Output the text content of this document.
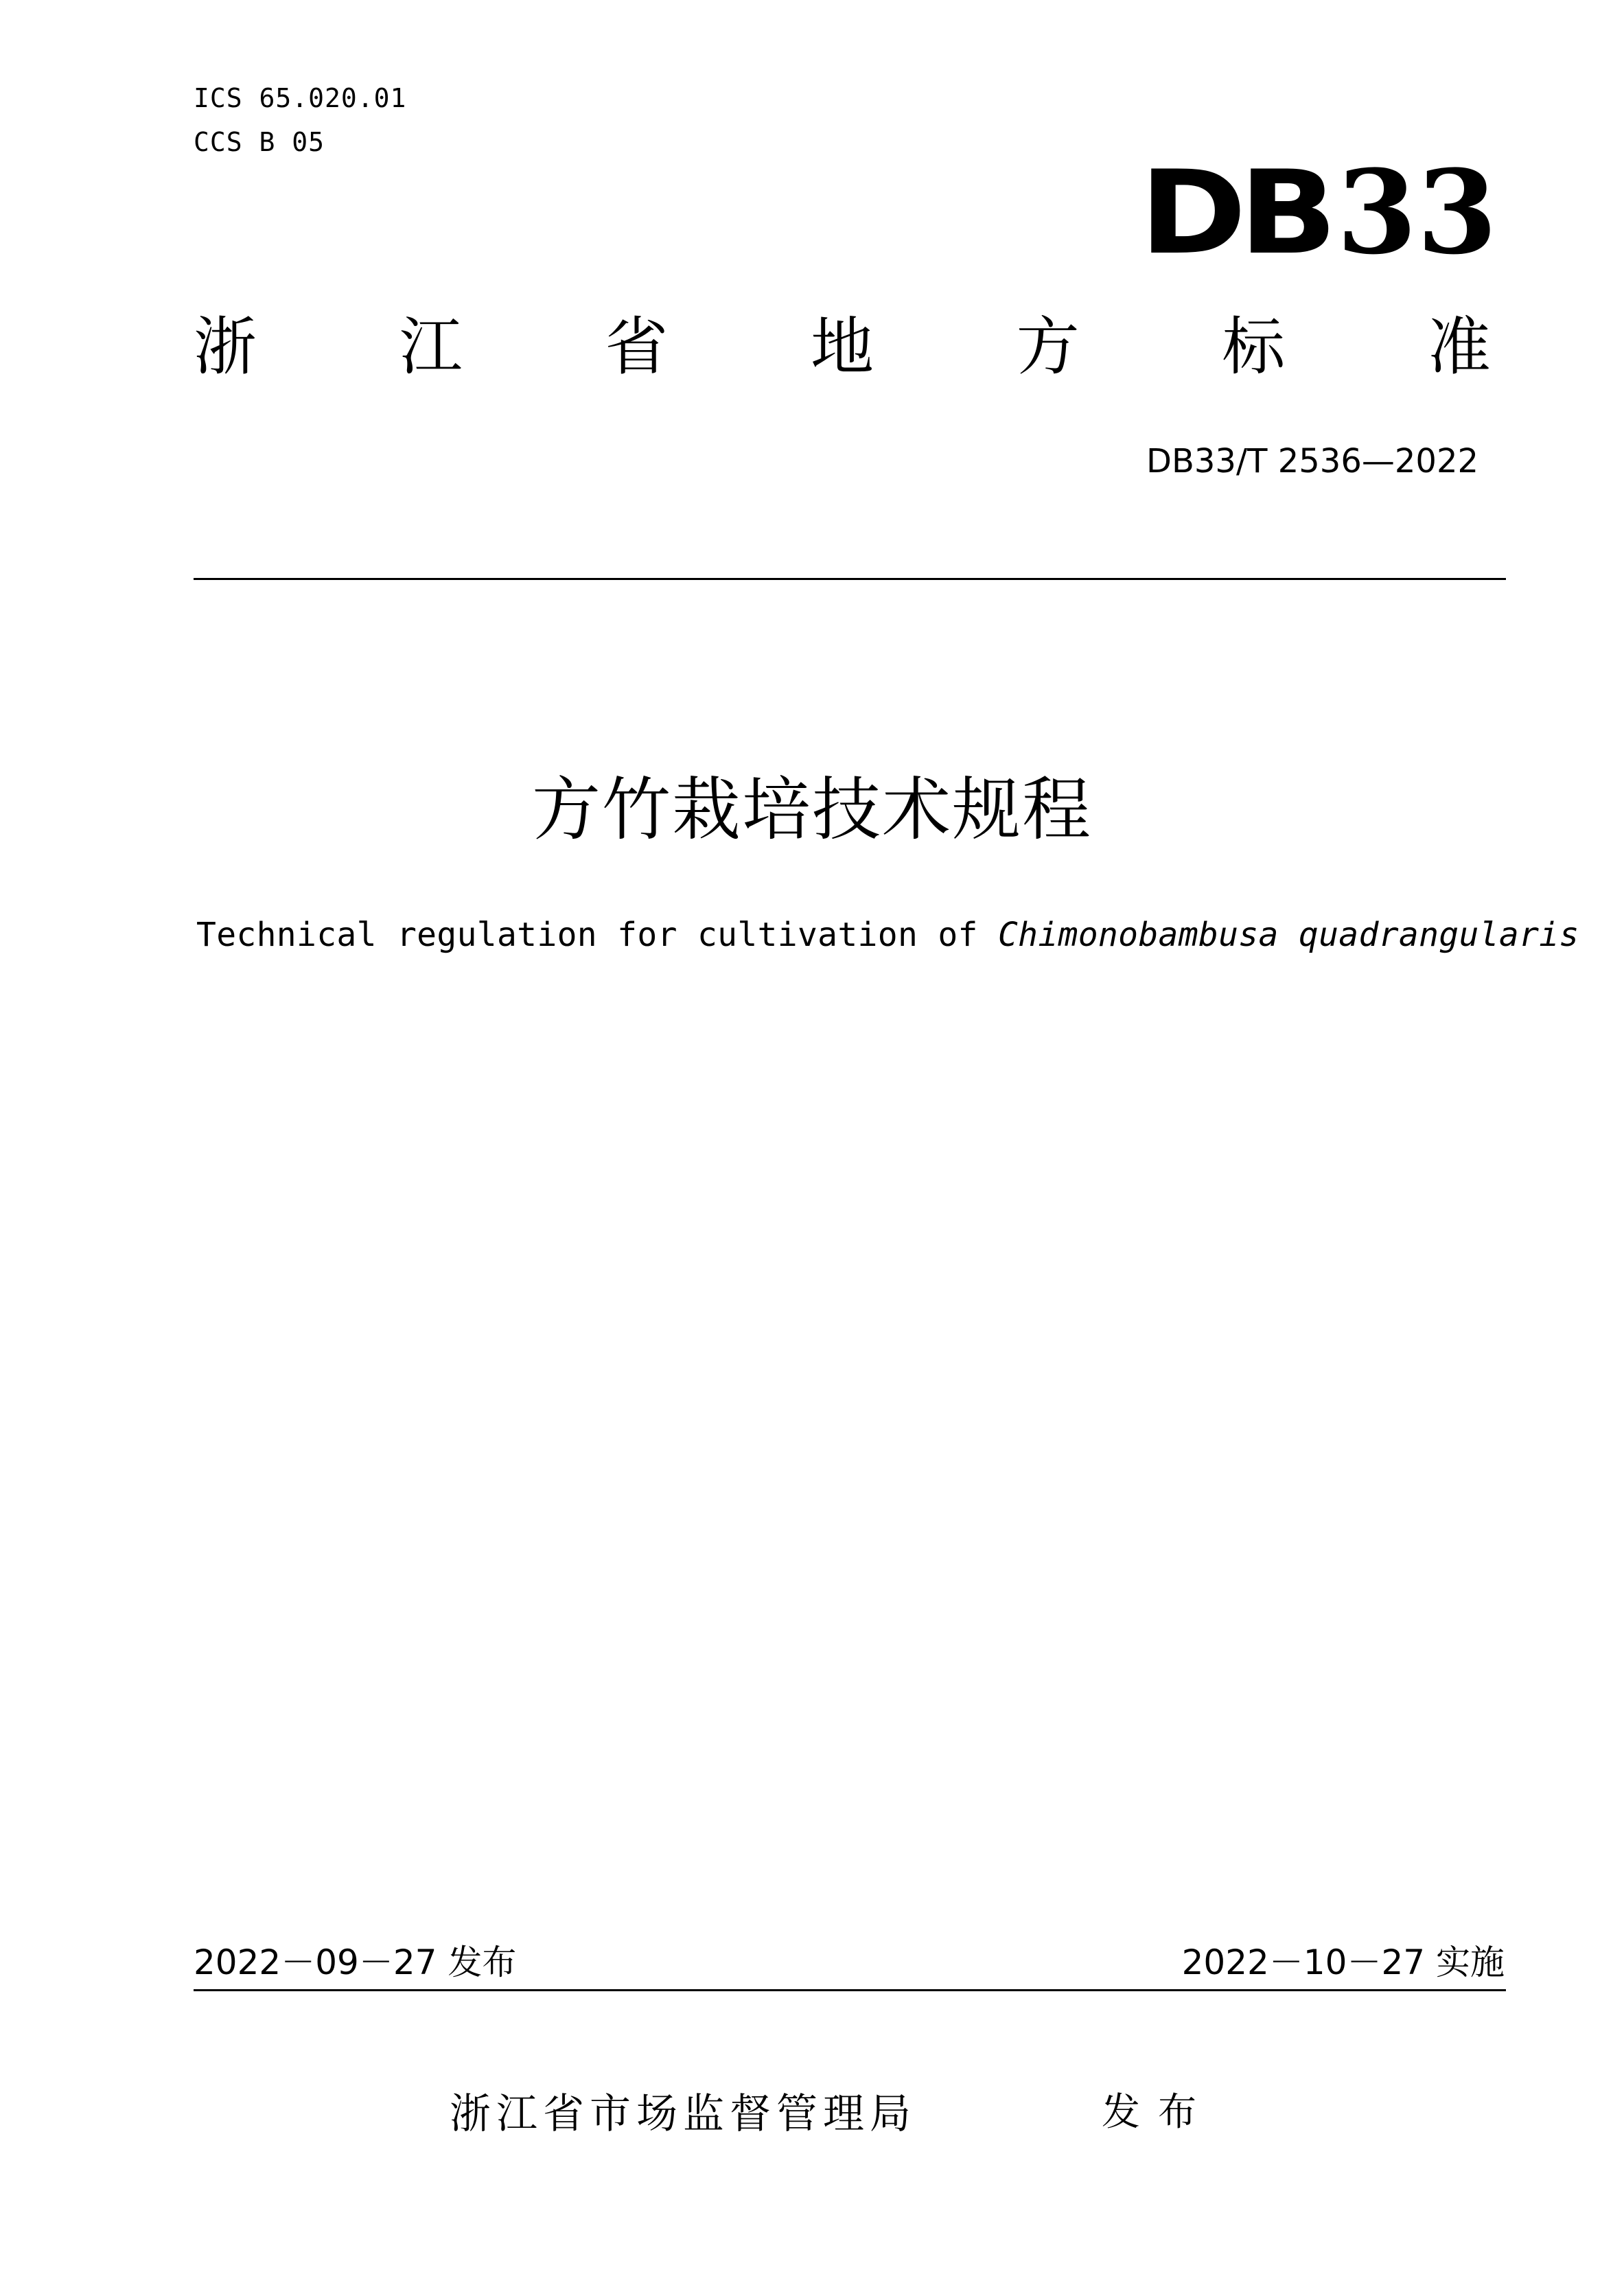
ICS 65.020.01
CCS B 05
DB33
浙 江 省 地 方 标 准
DB33/T 2536—2022
方竹栽培技术规程
Technical regulation for cultivation of Chimonobambusa quadrangularis
2022－09－27 发布	2022－10－27 实施
浙江省市场监督管理局	发布
